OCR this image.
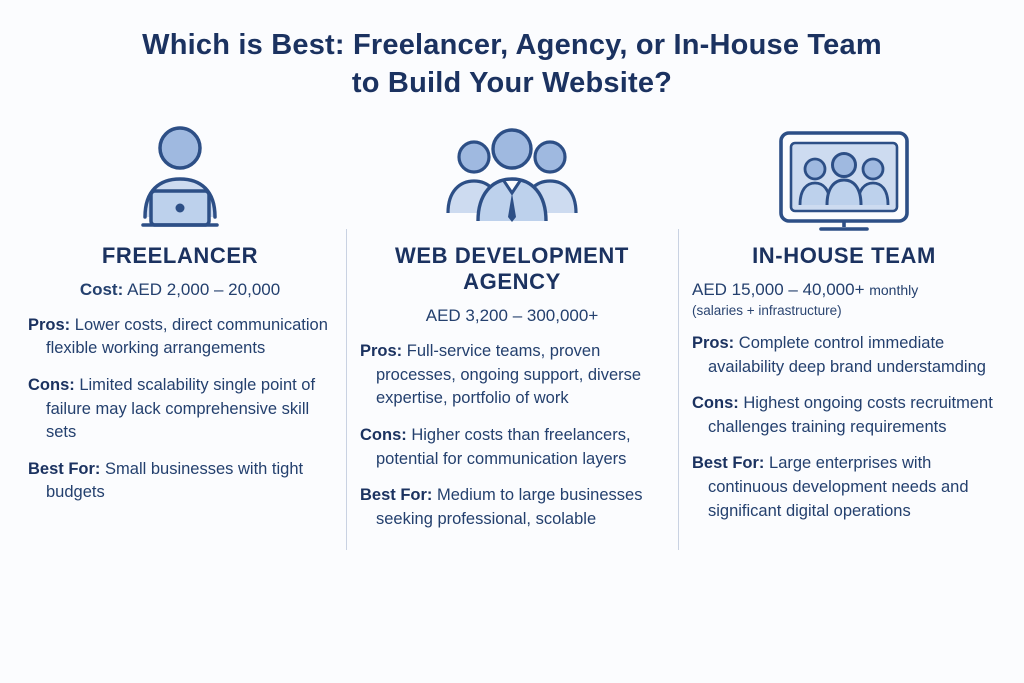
Which is Best: Freelancer, Agency, or In-House Team
to Build Your Website?
FREELANCER
Cost: AED 2,000 – 20,000
Pros: Lower costs, direct communication flexible working arrangements
Cons: Limited scalability single point of failure may lack comprehensive skill sets
Best For: Small businesses with tight budgets
WEB DEVELOPMENT AGENCY
AED 3,200 – 300,000+
Pros: Full-service teams, proven processes, ongoing support, diverse expertise, portfolio of work
Cons: Higher costs than freelancers, potential for communication layers
Best For: Medium to large businesses seeking professional, scolable
IN-HOUSE TEAM
AED 15,000 – 40,000+ monthly
(salaries + infrastructure)
Pros: Complete control immediate availability deep brand understamding
Cons: Highest ongoing costs recruitment challenges training requirements
Best For: Large enterprises with continuous development needs and significant digital operations
